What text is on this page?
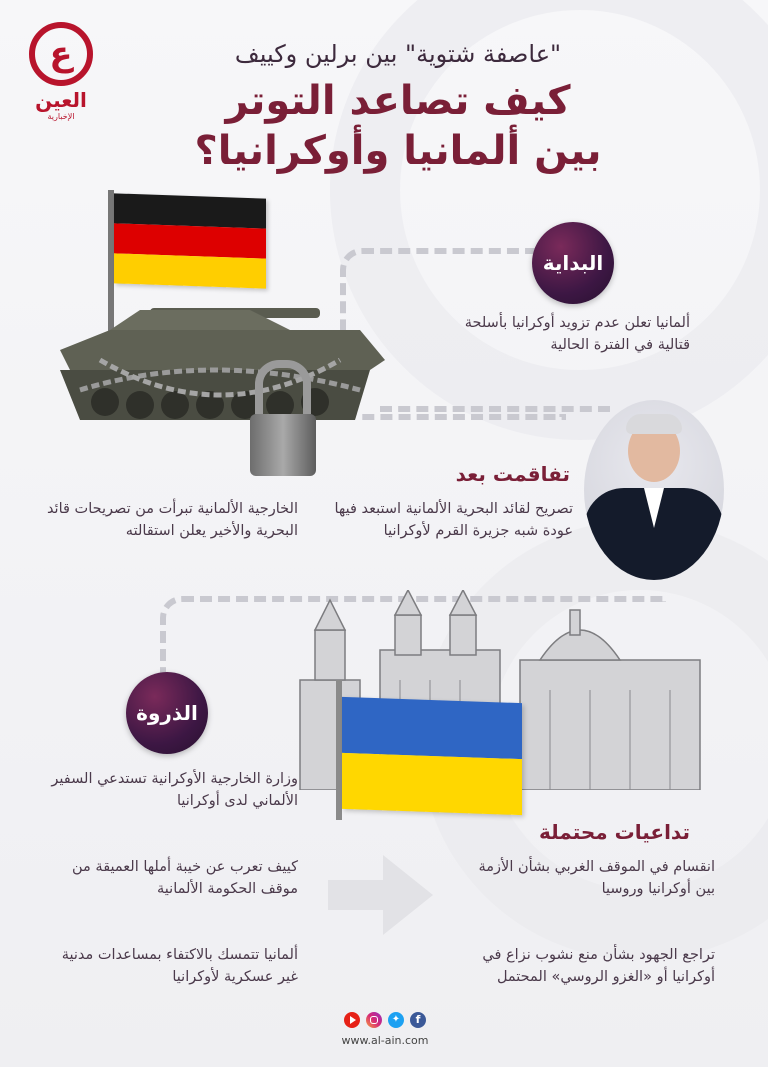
ع
العين
الإخبارية
"عاصفة شتوية" بين برلين وكييف
كيف تصاعد التوتر
بين ألمانيا وأوكرانيا؟
البداية
ألمانيا تعلن عدم تزويد أوكرانيا بأسلحة قتالية في الفترة الحالية
تفاقمت بعد
تصريح لقائد البحرية الألمانية استبعد فيها عودة شبه جزيرة القرم لأوكرانيا
الخارجية الألمانية تبرأت من تصريحات قائد البحرية والأخير يعلن استقالته
الذروة
وزارة الخارجية الأوكرانية تستدعي السفير الألماني لدى أوكرانيا
كييف تعرب عن خيبة أملها العميقة من موقف الحكومة الألمانية
ألمانيا تتمسك بالاكتفاء بمساعدات مدنية غير عسكرية لأوكرانيا
تداعيات محتملة
انقسام في الموقف الغربي بشأن الأزمة بين أوكرانيا وروسيا
تراجع الجهود بشأن منع نشوب نزاع في أوكرانيا أو «الغزو الروسي» المحتمل
✦	f
www.al-ain.com
